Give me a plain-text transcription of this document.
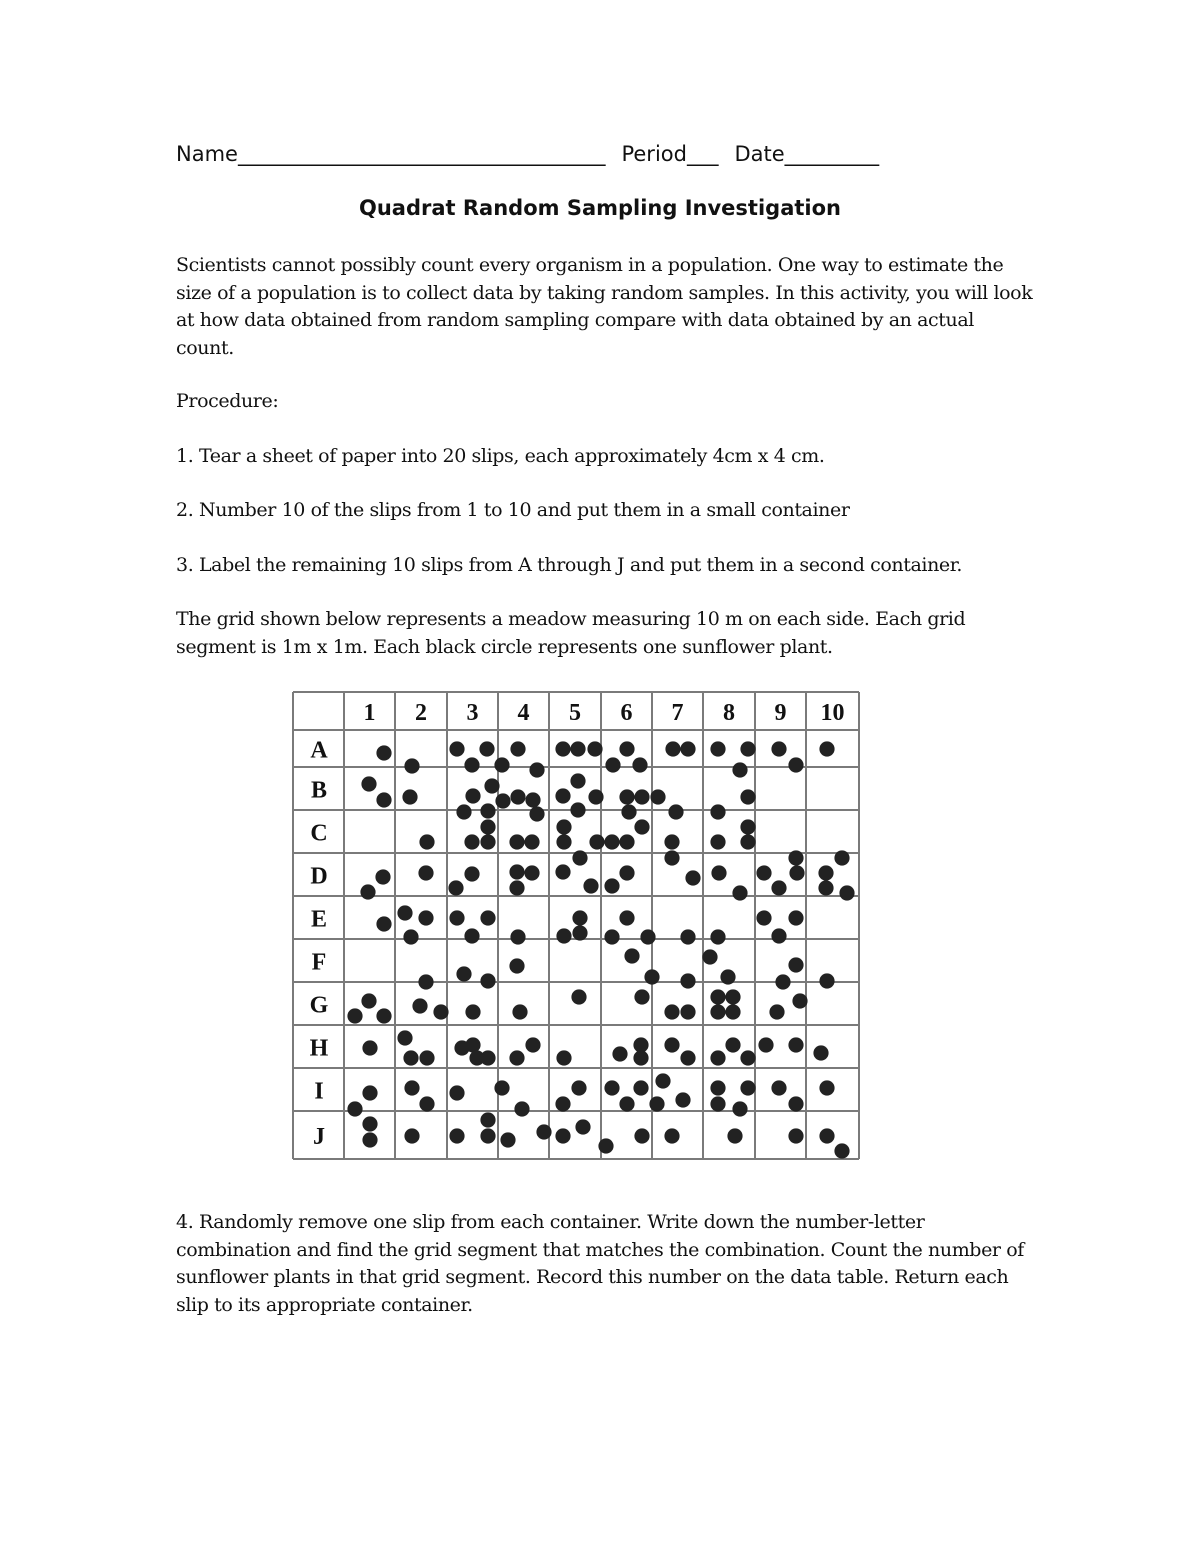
Name___________________________________ Period___ Date_________
Quadrat Random Sampling Investigation
Scientists cannot possibly count every organism in a population. One way to estimate the size of a population is to collect data by taking random samples. In this activity, you will look at how data obtained from random sampling compare with data obtained by an actual count.
Procedure:
1. Tear a sheet of paper into 20 slips, each approximately 4cm x 4 cm.
2. Number 10 of the slips from 1 to 10 and put them in a small container
3. Label the remaining 10 slips from A through J and put them in a second container.
The grid shown below represents a meadow measuring 10 m on each side. Each grid segment is 1m x 1m. Each black circle represents one sunflower plant.
1 2 3 4 5 6 7 8 9 10
A
B
C
D
E
F
G
H
I
J
4. Randomly remove one slip from each container. Write down the number-letter combination and find the grid segment that matches the combination. Count the number of sunflower plants in that grid segment. Record this number on the data table. Return each slip to its appropriate container.
